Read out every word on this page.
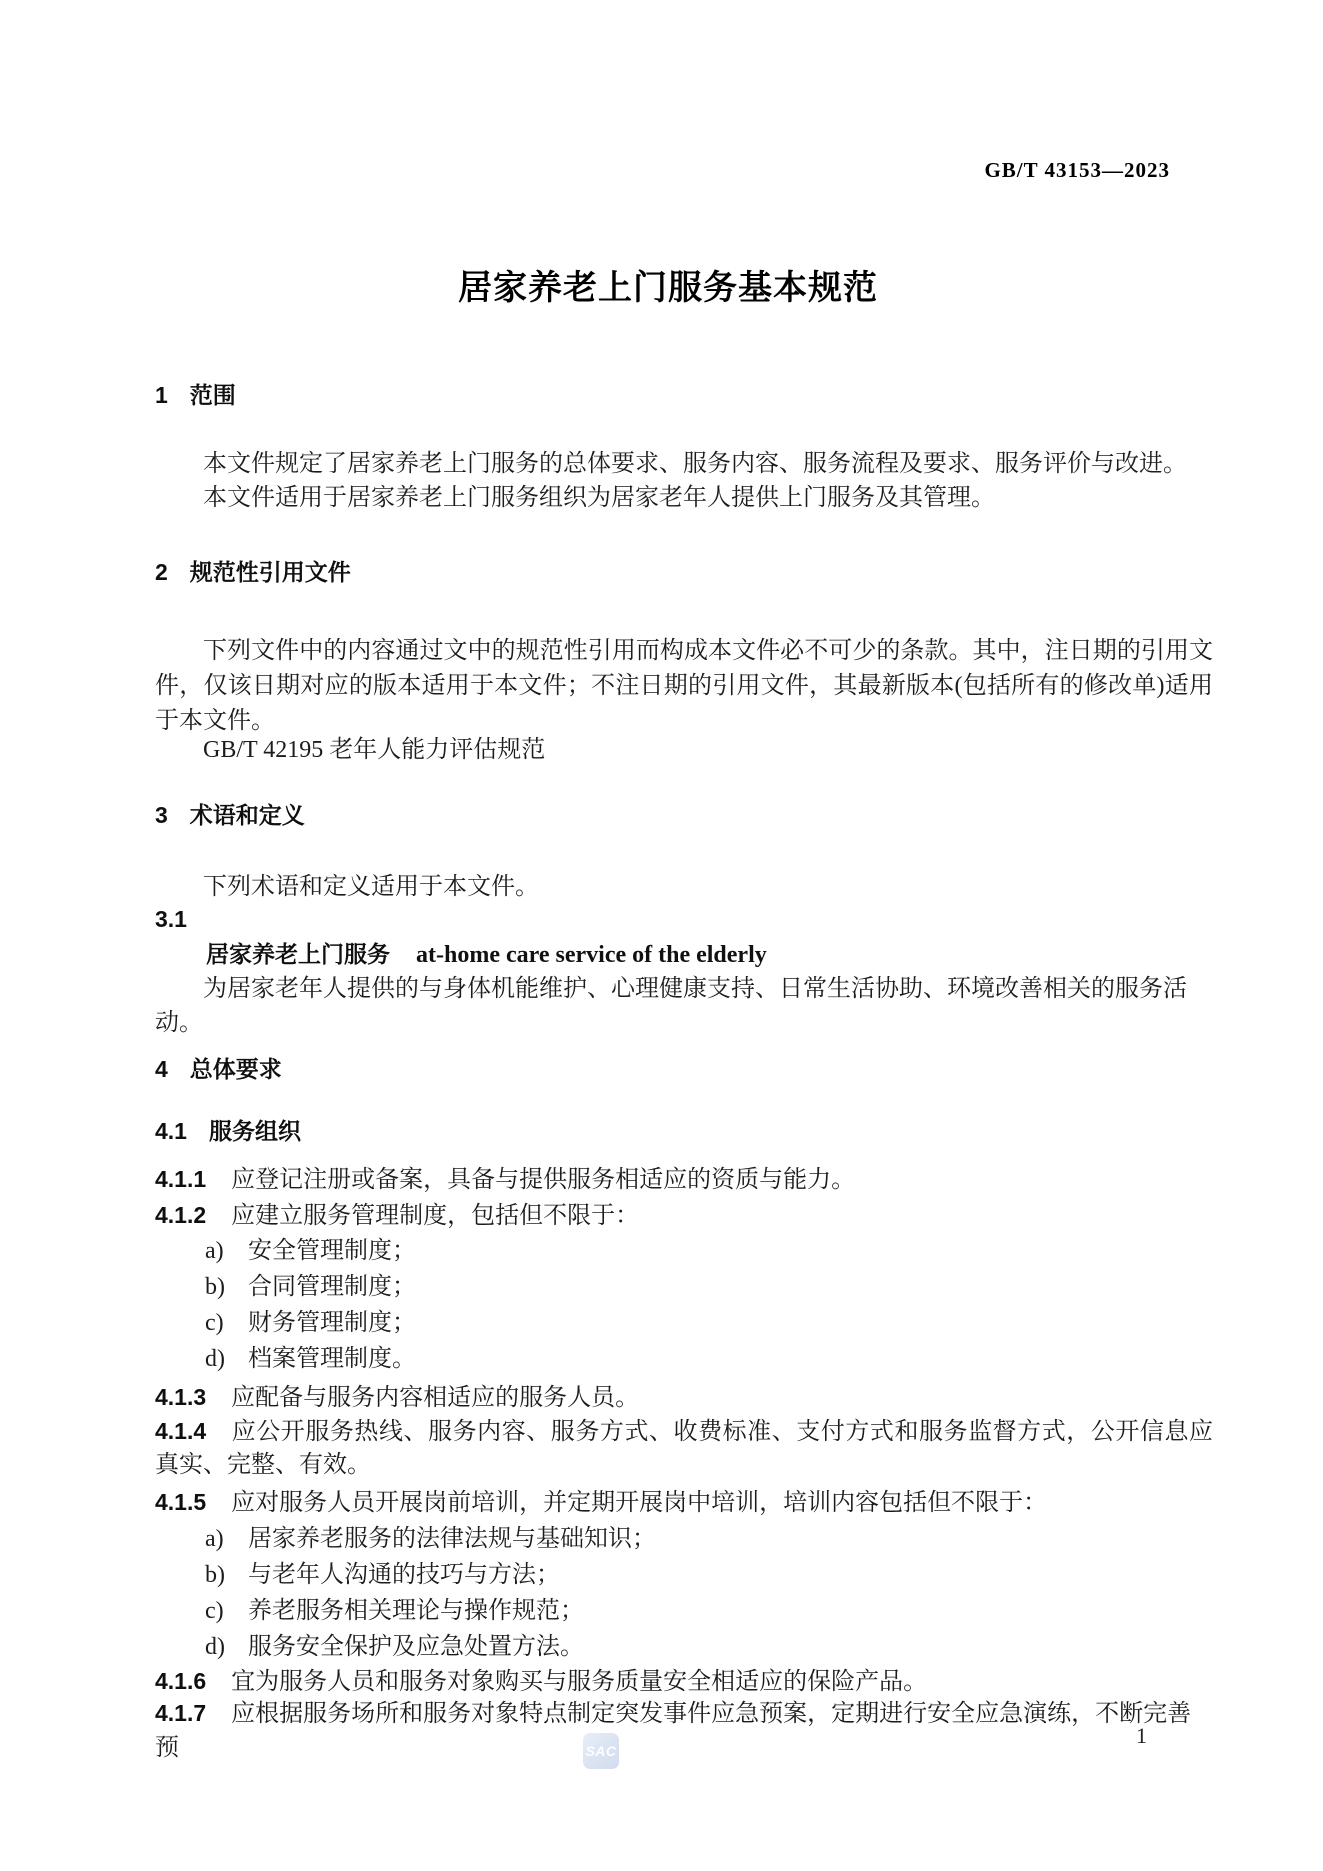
GB/T 43153—2023

居家养老上门服务基本规范
1 范围

本文件规定了居家养老上门服务的总体要求、服务内容、服务流程及要求、服务评价与改进。

本文件适用于居家养老上门服务组织为居家老年人提供上门服务及其管理。

2 规范性引用文件

下列文件中的内容通过文中的规范性引用而构成本文件必不可少的条款。其中，注日期的引用文件，仅该日期对应的版本适用于本文件；不注日期的引用文件，其最新版本(包括所有的修改单)适用于本文件。

GB/T 42195 老年人能力评估规范

3 术语和定义

下列术语和定义适用于本文件。

3.1

居家养老上门服务 at-home care service of the elderly

为居家老年人提供的与身体机能维护、心理健康支持、日常生活协助、环境改善相关的服务活动。

4 总体要求
4.1 服务组织

4.1.1 应登记注册或备案，具备与提供服务相适应的资质与能力。

4.1.2 应建立服务管理制度，包括但不限于：

a) 安全管理制度；

b) 合同管理制度；

c) 财务管理制度；

d) 档案管理制度。

4.1.3 应配备与服务内容相适应的服务人员。

4.1.4 应公开服务热线、服务内容、服务方式、收费标准、支付方式和服务监督方式，公开信息应真实、完整、有效。

4.1.5 应对服务人员开展岗前培训，并定期开展岗中培训，培训内容包括但不限于：

a) 居家养老服务的法律法规与基础知识；

b) 与老年人沟通的技巧与方法；

c) 养老服务相关理论与操作规范；

d) 服务安全保护及应急处置方法。

4.1.6 宜为服务人员和服务对象购买与服务质量安全相适应的保险产品。

4.1.7 应根据服务场所和服务对象特点制定突发事件应急预案，定期进行安全应急演练，不断完善预	SAC

1
